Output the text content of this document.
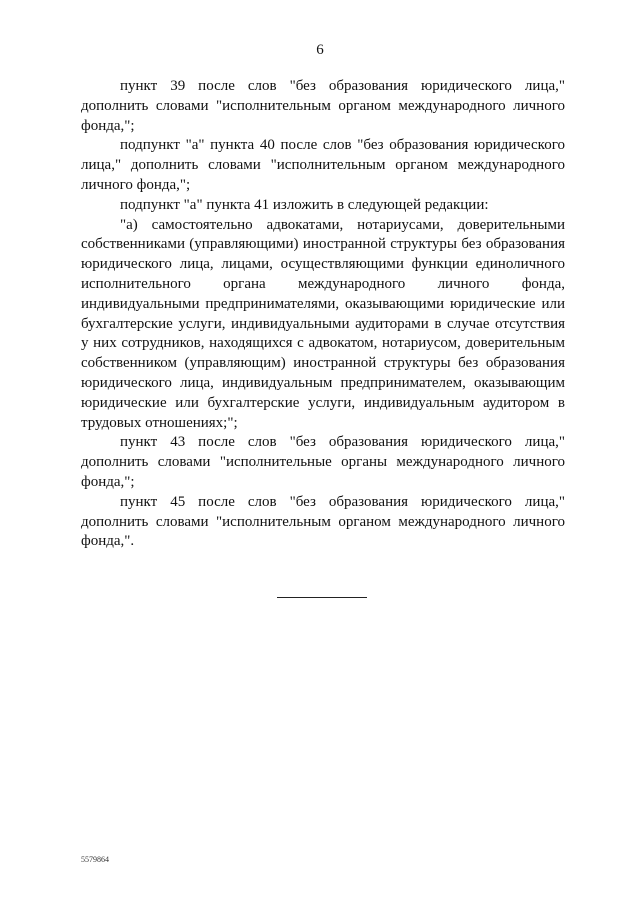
6

пункт 39 после слов "без образования юридического лица," дополнить словами "исполнительным органом международного личного фонда,";

подпункт "а" пункта 40 после слов "без образования юридического лица," дополнить словами "исполнительным органом международного личного фонда,";

подпункт "а" пункта 41 изложить в следующей редакции:

"а) самостоятельно адвокатами, нотариусами, доверительными собственниками (управляющими) иностранной структуры без образования юридического лица, лицами, осуществляющими функции единоличного исполнительного органа международного личного фонда, индивидуальными предпринимателями, оказывающими юридические или бухгалтерские услуги, индивидуальными аудиторами в случае отсутствия у них сотрудников, находящихся с адвокатом, нотариусом, доверительным собственником (управляющим) иностранной структуры без образования юридического лица, индивидуальным предпринимателем, оказывающим юридические или бухгалтерские услуги, индивидуальным аудитором в трудовых отношениях;";

пункт 43 после слов "без образования юридического лица," дополнить словами "исполнительные органы международного личного фонда,";

пункт 45 после слов "без образования юридического лица," дополнить словами "исполнительным органом международного личного фонда,".

5579864
